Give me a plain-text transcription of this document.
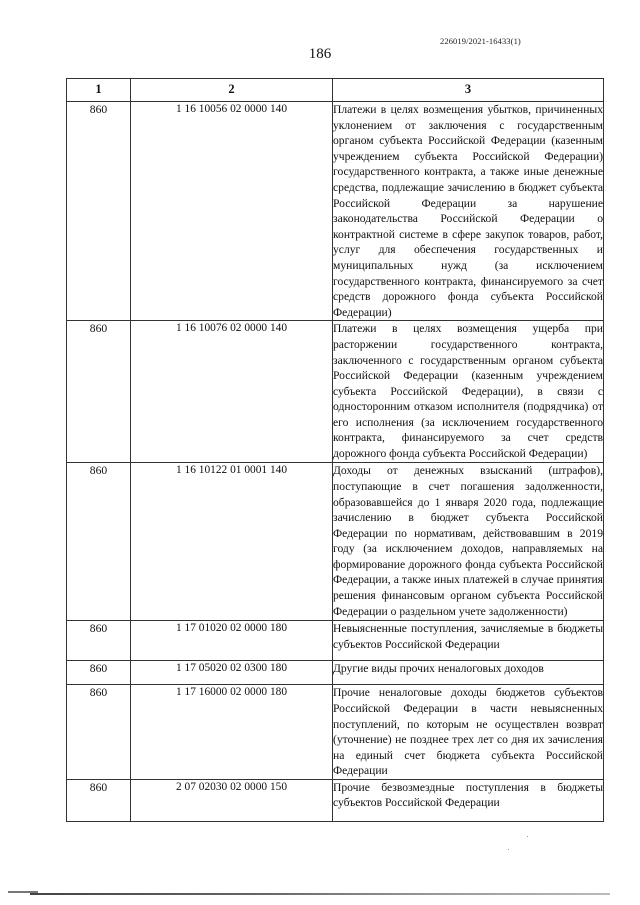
226019/2021-16433(1)
186
1	2	3
860	1 16 10056 02 0000 140	Платежи в целях возмещения убытков, причиненных уклонением от заключения с государственным органом субъекта Российской Федерации (казенным учреждением субъекта Российской Федерации) государственного контракта, а также иные денежные средства, подлежащие зачислению в бюджет субъекта Российской Федерации за нарушение законодательства Российской Федерации о контрактной системе в сфере закупок товаров, работ, услуг для обеспечения государственных и муниципальных нужд (за исключением государственного контракта, финансируемого за счет средств дорожного фонда субъекта Российской Федерации)
860	1 16 10076 02 0000 140	Платежи в целях возмещения ущерба при расторжении государственного контракта, заключенного с государственным органом субъекта Российской Федерации (казенным учреждением субъекта Российской Федерации), в связи с односторонним отказом исполнителя (подрядчика) от его исполнения (за исключением государственного контракта, финансируемого за счет средств дорожного фонда субъекта Российской Федерации)
860	1 16 10122 01 0001 140	Доходы от денежных взысканий (штрафов), поступающие в счет погашения задолженности, образовавшейся до 1 января 2020 года, подлежащие зачислению в бюджет субъекта Российской Федерации по нормативам, действовавшим в 2019 году (за исключением доходов, направляемых на формирование дорожного фонда субъекта Российской Федерации, а также иных платежей в случае принятия решения финансовым органом субъекта Российской Федерации о раздельном учете задолженности)
860	1 17 01020 02 0000 180	Невыясненные поступления, зачисляемые в бюджеты субъектов Российской Федерации
860	1 17 05020 02 0300 180	Другие виды прочих неналоговых доходов
860	1 17 16000 02 0000 180	Прочие неналоговые доходы бюджетов субъектов Российской Федерации в части невыясненных поступлений, по которым не осуществлен возврат (уточнение) не позднее трех лет со дня их зачисления на единый счет бюджета субъекта Российской Федерации
860	2 07 02030 02 0000 150	Прочие безвозмездные поступления в бюджеты субъектов Российской Федерации
